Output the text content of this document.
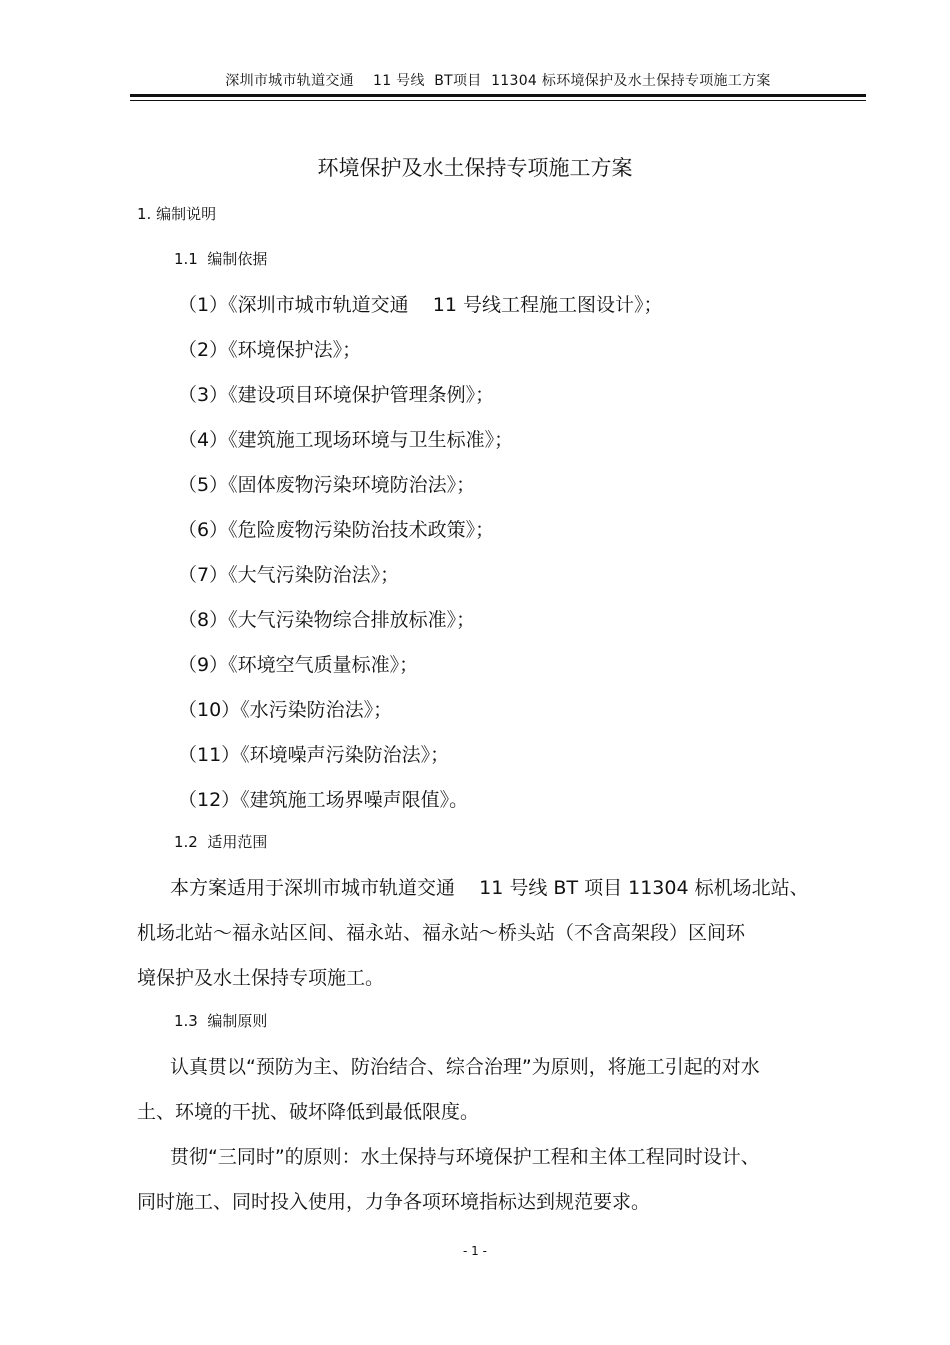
深圳市城市轨道交通    11 号线  BT项目  11304 标环境保护及水土保持专项施工方案
环境保护及水土保持专项施工方案
1. 编制说明
1.1  编制依据
（1）《深圳市城市轨道交通    11 号线工程施工图设计》；
（2）《环境保护法》；
（3）《建设项目环境保护管理条例》；
（4）《建筑施工现场环境与卫生标准》；
（5）《固体废物污染环境防治法》；
（6）《危险废物污染防治技术政策》；
（7）《大气污染防治法》；
（8）《大气污染物综合排放标准》；
（9）《环境空气质量标准》；
（10）《水污染防治法》；
（11）《环境噪声污染防治法》；
（12）《建筑施工场界噪声限值》。
1.2  适用范围
本方案适用于深圳市城市轨道交通    11 号线 BT 项目 11304 标机场北站、
机场北站～福永站区间、福永站、福永站～桥头站（不含高架段）区间环
境保护及水土保持专项施工。
1.3  编制原则
认真贯以“预防为主、防治结合、综合治理”为原则，将施工引起的对水
土、环境的干扰、破坏降低到最低限度。
贯彻“三同时”的原则：水土保持与环境保护工程和主体工程同时设计、
同时施工、同时投入使用，力争各项环境指标达到规范要求。
- 1 -
